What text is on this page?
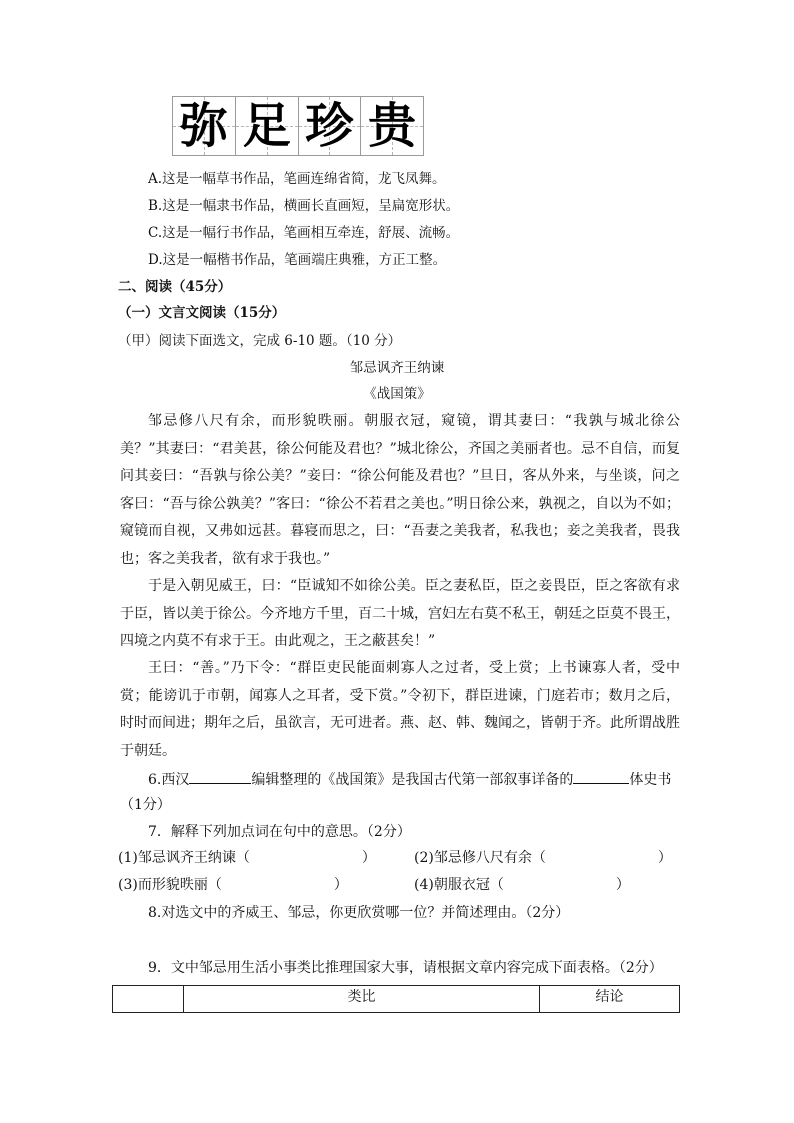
弥 足 珍 贵
A.这是一幅草书作品，笔画连绵省简，龙飞凤舞。
B.这是一幅隶书作品，横画长直画短，呈扁宽形状。
C.这是一幅行书作品，笔画相互牵连，舒展、流畅。
D.这是一幅楷书作品，笔画端庄典雅，方正工整。
二、阅读（45分）
（一）文言文阅读（15分）
（甲）阅读下面选文，完成 6-10 题。（10 分）
邹忌讽齐王纳谏
《战国策》
邹忌修八尺有余，而形貌昳丽。朝服衣冠，窥镜，谓其妻曰：“我孰与城北徐公美？”其妻曰：“君美甚，徐公何能及君也？”城北徐公，齐国之美丽者也。忌不自信，而复问其妾曰：“吾孰与徐公美？”妾曰：“徐公何能及君也？”旦日，客从外来，与坐谈，问之客曰：“吾与徐公孰美？”客曰：“徐公不若君之美也。”明日徐公来，孰视之，自以为不如；窥镜而自视，又弗如远甚。暮寝而思之，曰：“吾妻之美我者，私我也；妾之美我者，畏我也；客之美我者，欲有求于我也。”
于是入朝见威王，曰：“臣诚知不如徐公美。臣之妻私臣，臣之妾畏臣，臣之客欲有求于臣，皆以美于徐公。今齐地方千里，百二十城，宫妇左右莫不私王，朝廷之臣莫不畏王，四境之内莫不有求于王。由此观之，王之蔽甚矣！”
王曰：“善。”乃下令：“群臣吏民能面刺寡人之过者，受上赏；上书谏寡人者，受中赏；能谤讥于市朝，闻寡人之耳者，受下赏。”令初下，群臣进谏，门庭若市；数月之后，时时而间进；期年之后，虽欲言，无可进者。燕、赵、韩、魏闻之，皆朝于齐。此所谓战胜于朝廷。
6.西汉	编辑整理的《战国策》是我国古代第一部叙事详备的	体史书
（1分）
7．解释下列加点词在句中的意思。（2分）
(1)邹忌讽齐王纳谏（	）	(2)邹忌修八尺有余（	）
(3)而形貌昳丽（	）	(4)朝服衣冠（	）
8.对选文中的齐威王、邹忌，你更欣赏哪一位？并简述理由。（2分）
9．文中邹忌用生活小事类比推理国家大事，请根据文章内容完成下面表格。（2分）
	类比	结论
